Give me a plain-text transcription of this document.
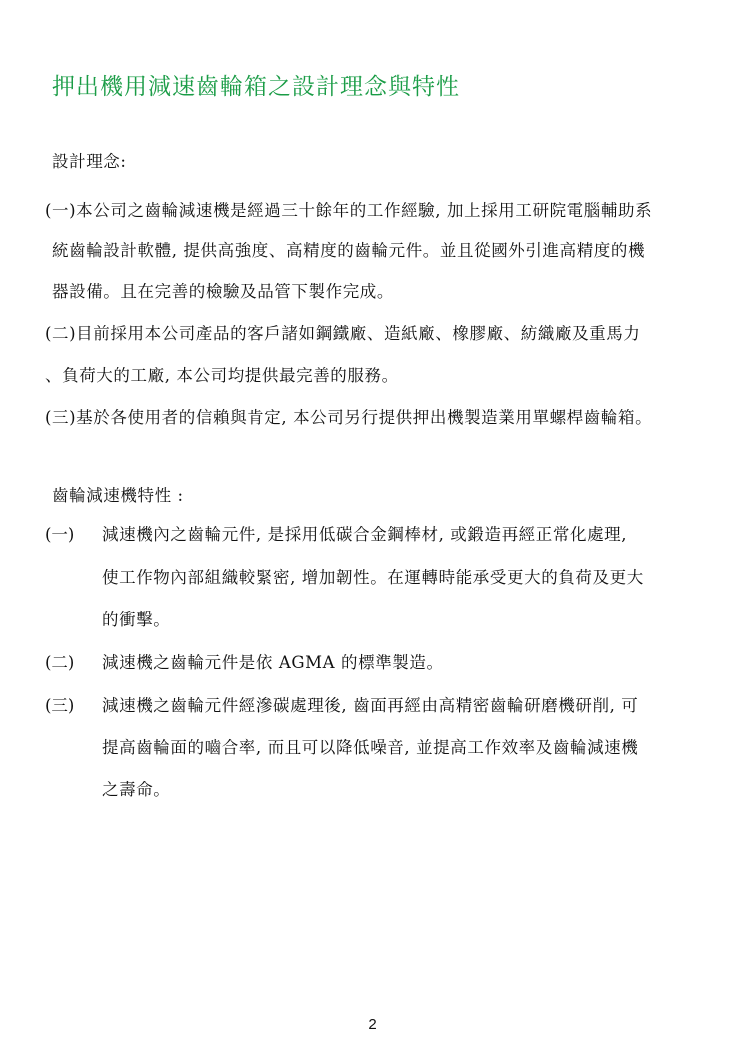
押出機用減速齒輪箱之設計理念與特性
設計理念:
(一)本公司之齒輪減速機是經過三十餘年的工作經驗, 加上採用工研院電腦輔助系
統齒輪設計軟體, 提供高強度、高精度的齒輪元件。並且從國外引進高精度的機
器設備。且在完善的檢驗及品管下製作完成。
(二)目前採用本公司產品的客戶諸如鋼鐵廠、造紙廠、橡膠廠、紡織廠及重馬力
、負荷大的工廠, 本公司均提供最完善的服務。
(三)基於各使用者的信賴與肯定, 本公司另行提供押出機製造業用單螺桿齒輪箱。
齒輪減速機特性 :
(一) 減速機內之齒輪元件, 是採用低碳合金鋼棒材, 或鍛造再經正常化處理,
使工作物內部組織較緊密, 增加韌性。在運轉時能承受更大的負荷及更大
的衝擊。
(二) 減速機之齒輪元件是依 AGMA 的標準製造。
(三) 減速機之齒輪元件經滲碳處理後, 齒面再經由高精密齒輪研磨機研削, 可
提高齒輪面的嚙合率, 而且可以降低噪音, 並提高工作效率及齒輪減速機
之壽命。
2
